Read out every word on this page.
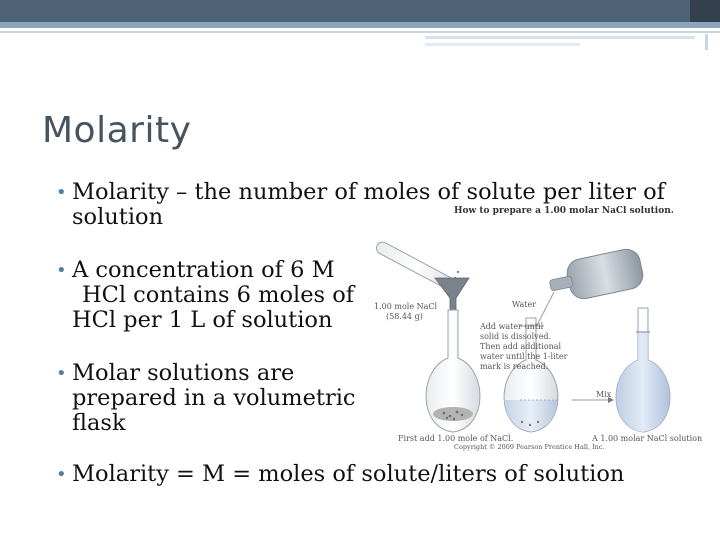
Molarity
• Molarity – the number of moles of solute per liter of
solution
• A concentration of 6 M
HCl contains 6 moles of
HCl per 1 L of solution
• Molar solutions are
prepared in a volumetric
flask
• Molarity = M = moles of solute/liters of solution
How to prepare a 1.00 molar NaCl solution.
1.00 mole NaCl
(58.44 g)
Water
Add water until
solid is dissolved.
Then add additional
water until the 1-liter
mark is reached.
Mix
First add 1.00 mole of NaCl.
Copyright © 2009 Pearson Prentice Hall, Inc.
A 1.00 molar NaCl solution
